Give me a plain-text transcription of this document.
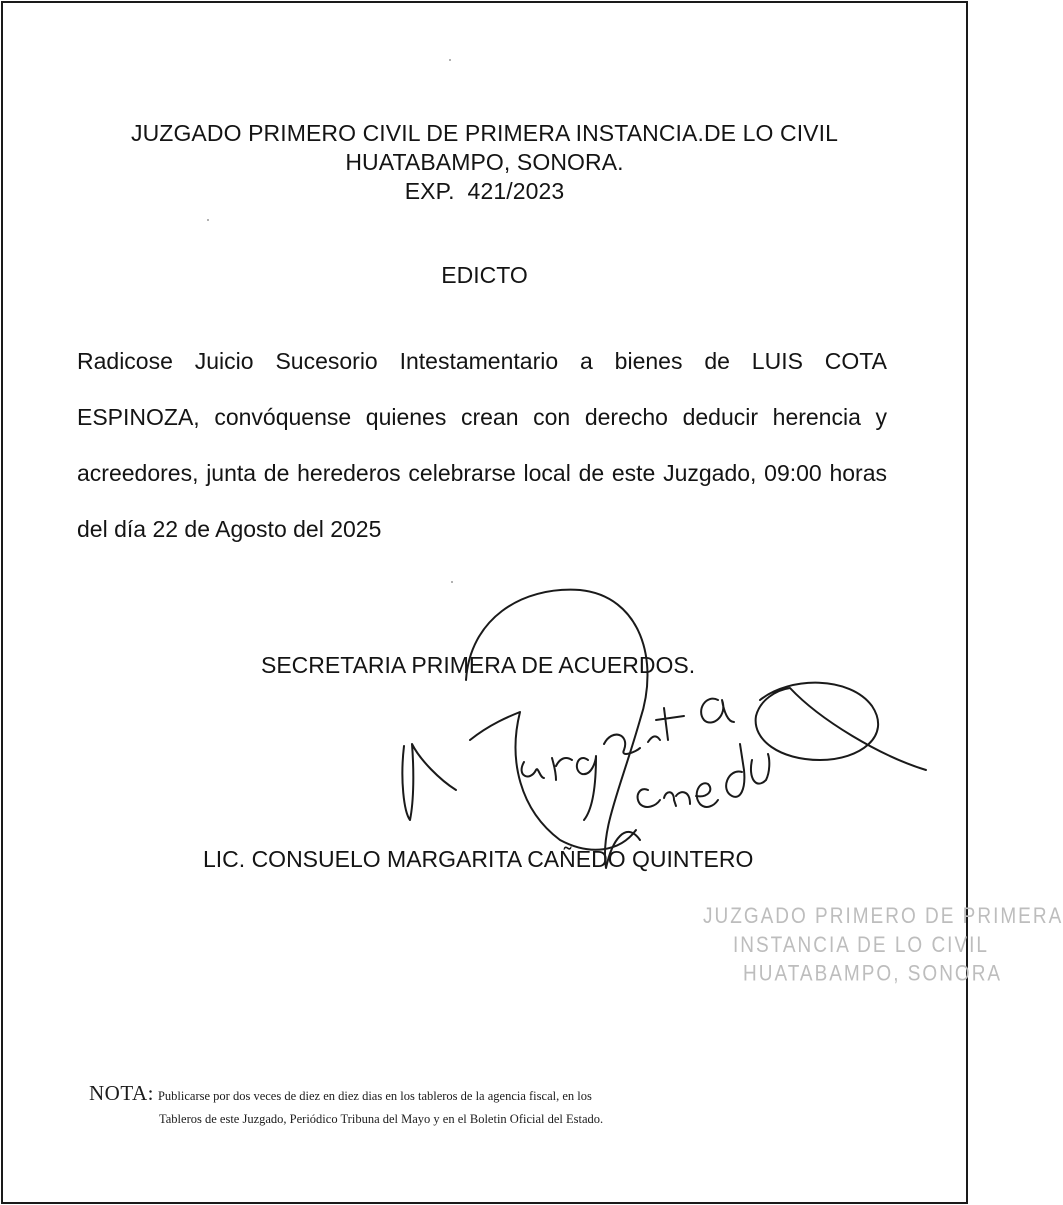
JUZGADO PRIMERO CIVIL DE PRIMERA INSTANCIA.DE LO CIVIL
HUATABAMPO, SONORA.
EXP.  421/2023
EDICTO
Radicose Juicio Sucesorio Intestamentario a bienes de LUIS COTA
ESPINOZA, convóquense quienes crean con derecho deducir herencia y
acreedores, junta de herederos celebrarse local de este Juzgado, 09:00 horas
del día 22 de Agosto del 2025
SECRETARIA PRIMERA DE ACUERDOS.
JUZGADO PRIMERO DE PRIMERA
INSTANCIA DE LO CIVIL
HUATABAMPO, SONORA
LIC. CONSUELO MARGARITA CAÑEDO QUINTERO
NOTA: Publicarse por dos veces de diez en diez dias en los tableros de la agencia fiscal, en los
Tableros de este Juzgado, Periódico Tribuna del Mayo y en el Boletin Oficial del Estado.
